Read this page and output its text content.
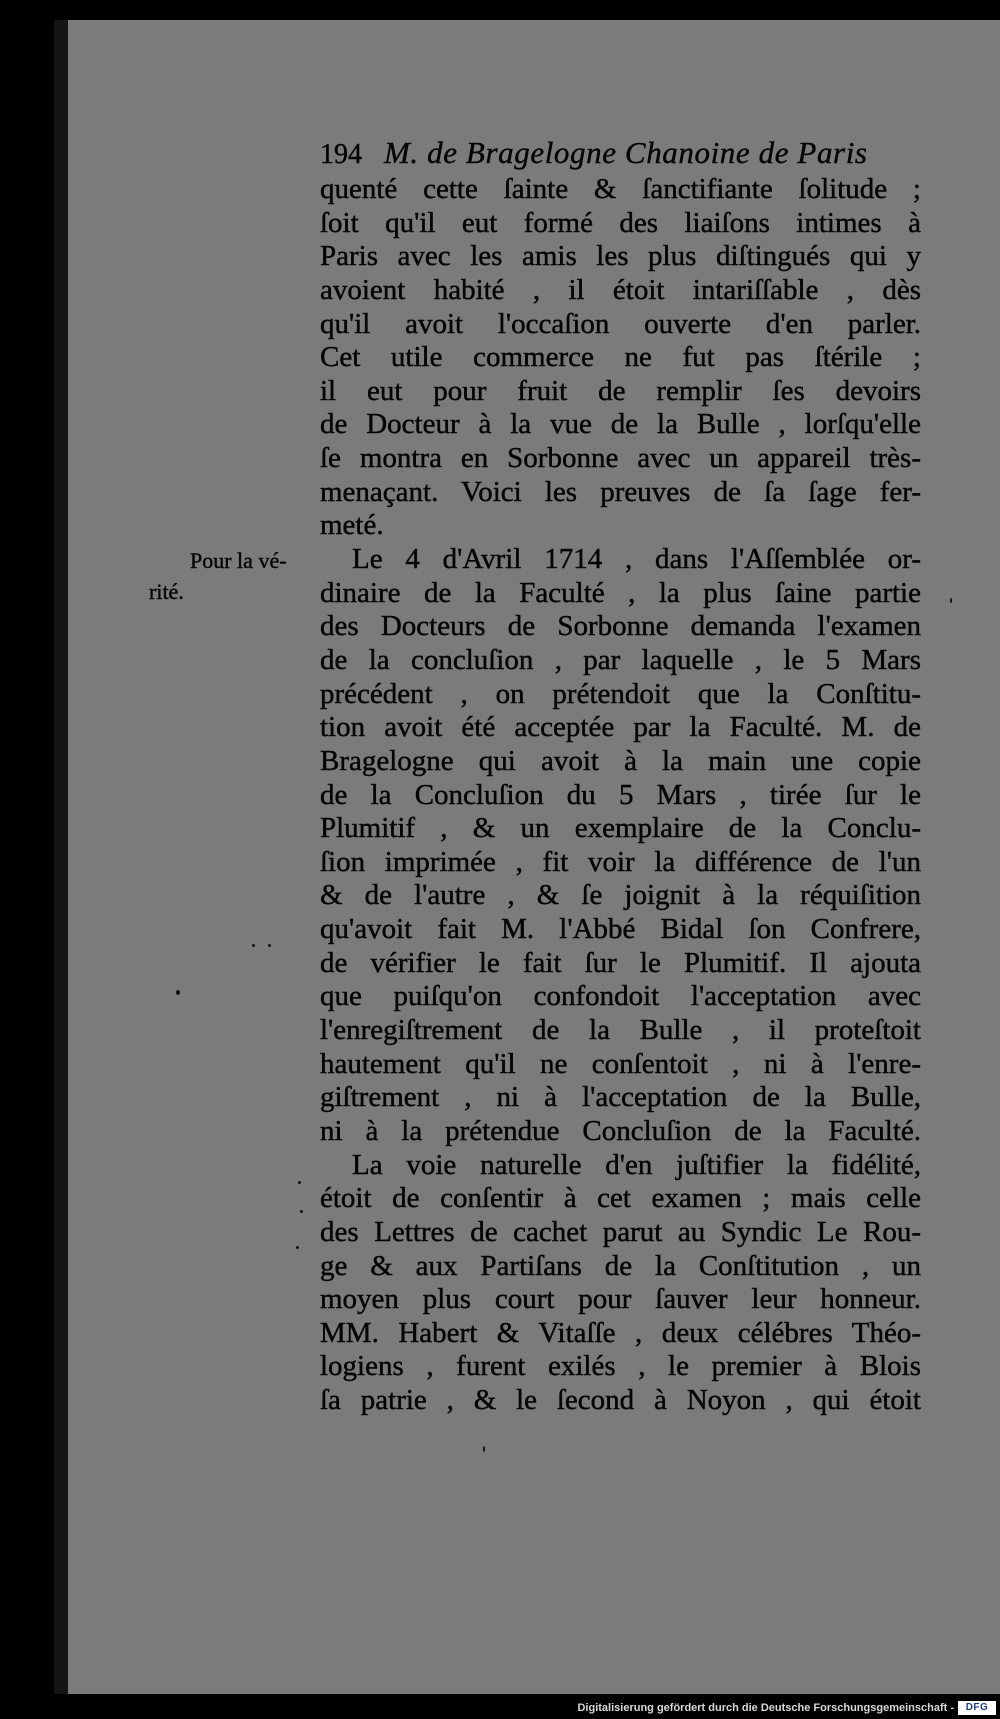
194 M. de Bragelogne Chanoine de Paris
Pour la vé-
rité.
quenté cette ſainte & ſanctifiante ſolitude ;
ſoit qu'il eut formé des liaiſons intimes à
Paris avec les amis les plus diſtingués qui y
avoient habité , il étoit intariſſable , dès
qu'il avoit l'occaſion ouverte d'en parler.
Cet utile commerce ne fut pas ſtérile ;
il eut pour fruit de remplir ſes devoirs
de Docteur à la vue de la Bulle , lorſqu'elle
ſe montra en Sorbonne avec un appareil très-
menaçant. Voici les preuves de ſa ſage fer-
meté.
Le 4 d'Avril 1714 , dans l'Aſſemblée or-
dinaire de la Faculté , la plus ſaine partie
des Docteurs de Sorbonne demanda l'examen
de la concluſion , par laquelle , le 5 Mars
précédent , on prétendoit que la Conſtitu-
tion avoit été acceptée par la Faculté. M. de
Bragelogne qui avoit à la main une copie
de la Concluſion du 5 Mars , tirée ſur le
Plumitif , & un exemplaire de la Conclu-
ſion imprimée , fit voir la différence de l'un
& de l'autre , & ſe joignit à la réquiſition
qu'avoit fait M. l'Abbé Bidal ſon Confrere,
de vérifier le fait ſur le Plumitif. Il ajouta
que puiſqu'on confondoit l'acceptation avec
l'enregiſtrement de la Bulle , il proteſtoit
hautement qu'il ne conſentoit , ni à l'enre-
giſtrement , ni à l'acceptation de la Bulle,
ni à la prétendue Concluſion de la Faculté.
La voie naturelle d'en juſtifier la fidélité,
étoit de conſentir à cet examen ; mais celle
des Lettres de cachet parut au Syndic Le Rou-
ge & aux Partiſans de la Conſtitution , un
moyen plus court pour ſauver leur honneur.
MM. Habert & Vitaſſe , deux célébres Théo-
logiens , furent exilés , le premier à Blois
ſa patrie , & le ſecond à Noyon , qui étoit
Digitalisierung gefördert durch die Deutsche Forschungsgemeinschaft -	DFG
